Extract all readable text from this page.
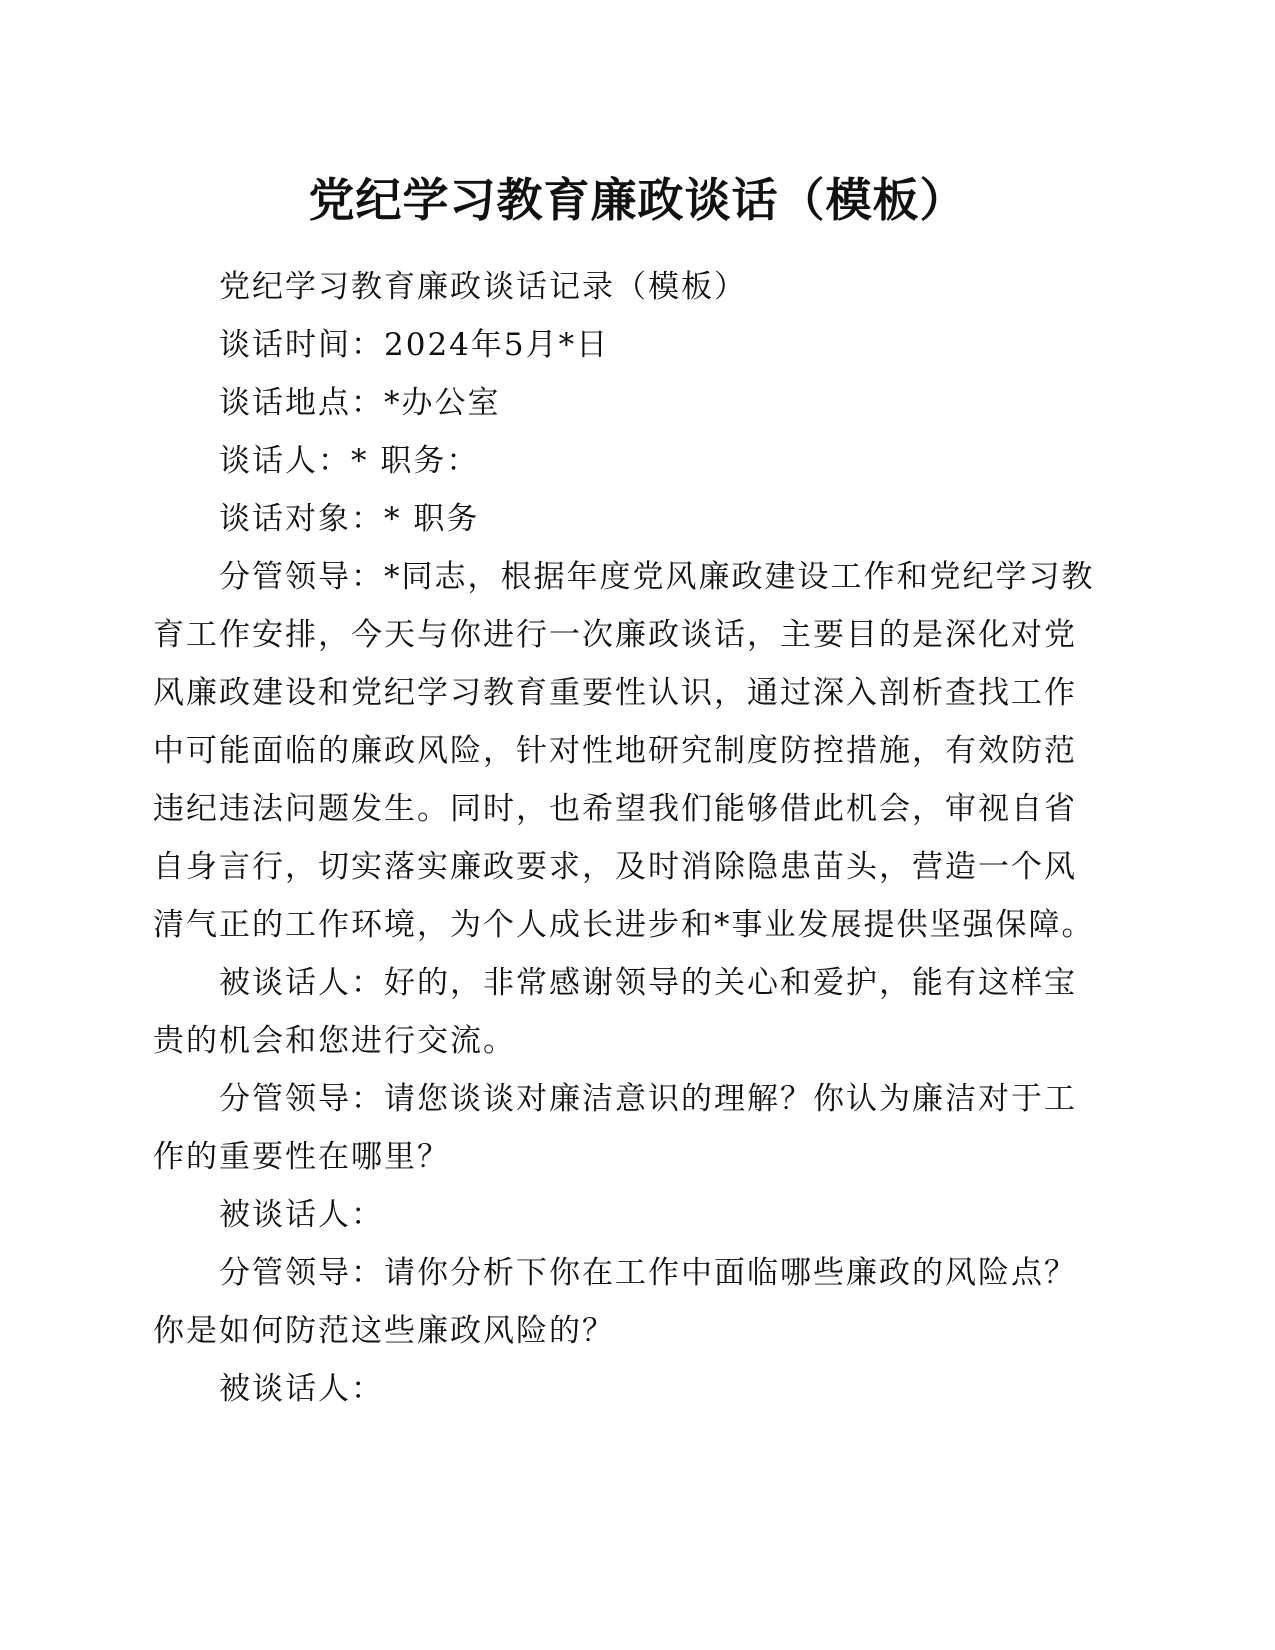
党纪学习教育廉政谈话（模板）

党纪学习教育廉政谈话记录（模板）

谈话时间：2024年5月*日

谈话地点：*办公室

谈话人：* 职务：

谈话对象：* 职务

分管领导：*同志，根据年度党风廉政建设工作和党纪学习教育工作安排，今天与你进行一次廉政谈话，主要目的是深化对党风廉政建设和党纪学习教育重要性认识，通过深入剖析查找工作中可能面临的廉政风险，针对性地研究制度防控措施，有效防范违纪违法问题发生。同时，也希望我们能够借此机会，审视自省自身言行，切实落实廉政要求，及时消除隐患苗头，营造一个风清气正的工作环境，为个人成长进步和*事业发展提供坚强保障。

被谈话人：好的，非常感谢领导的关心和爱护，能有这样宝贵的机会和您进行交流。

分管领导：请您谈谈对廉洁意识的理解？你认为廉洁对于工作的重要性在哪里？

被谈话人：

分管领导：请你分析下你在工作中面临哪些廉政的风险点？你是如何防范这些廉政风险的？

被谈话人：
